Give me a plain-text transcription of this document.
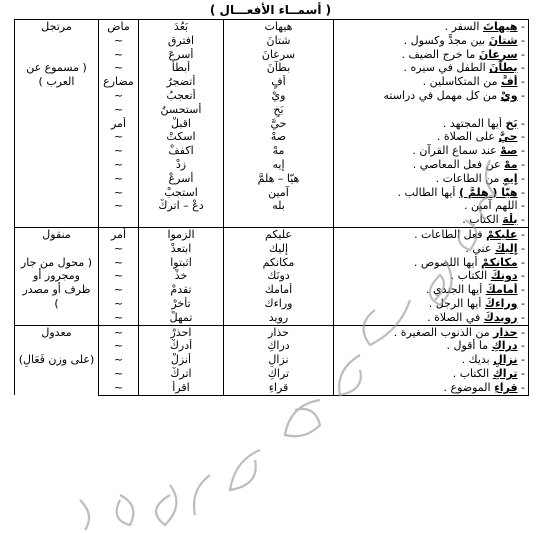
( أسمــاء الأفعـــال )
- هيهاتَ السفر .	هيهات	بَعُدَ	ماضٍ	مرتجل
( مسموع عن
العرب )

- شتانَ بين مجدٍّ وكسول .	شتانَ	افترق	~	
- سرعانَ ما خرج الضيف .	سرعانَ	أسرعَ	~	
- بطآنَ الطفل في سيره .	بطآنَ	أبطأ	~	
- أفٍّ من المتكاسلين .	أفٍ	أتضجرُ	مضارع	
- ويْ من كل مهمل في دراسته	ويْ	أتعجبُ	~	
	بَخٍ	أستحسنُ	~	
- بَخٍ أيها المجتهد .	حيَّ	اقبلْ	أمر	
- حيَّ على الصلاة .	صهْ	اسكتْ	~	
- صهْ عند سماع القرآن .	مهْ	اكففْ	~	
- مهْ عن فعل المعاصي .	إيه	زدْ	~	
- إيهٍ من الطاعات .	هيّا – هلمَّ	أسرعْ	~	
- هيّا ( هلمَّ ) أيها الطالب .	آمين	استجبْ	~	
- اللهم آمين .	بله	دعْ – اتركْ	~	
- بلْهَ الكتاب .				
- عليكمْ فعل الطاعات .	عليكم	الزموا	أمر	منقول
( محول من جار
ومجرور أو
ظرف أو مصدر
)

- إليكَ عني .	إليك	ابتعدْ	~	
- مكانكمْ أيها اللصوص .	مكانكم	اثبتوا	~	
- دونكَ الكتاب .	دونَك	خذْ	~	
- أمامكَ أيها الجندي .	أمامك	تقدمْ	~	
- وراءكَ أيها الرجل .	وراءك	تأخرْ	~	
- رويدكَ في الصلاة .	رويد	تمهلْ	~	
- حذارِ من الذنوب الصغيرة .	حذارِ	احذرْ	~	معدول
(على وزن فَعَالِ)

- دراكِ ما أقول .	دراكِ	أدركْ	~	
- نزالِ بديك .	نزالِ	أنزلْ	~	
- تراكِ الكتاب .	تراكِ	اتركْ	~	
- قراءِ الموضوع .	قراءِ	اقرأ	~	
